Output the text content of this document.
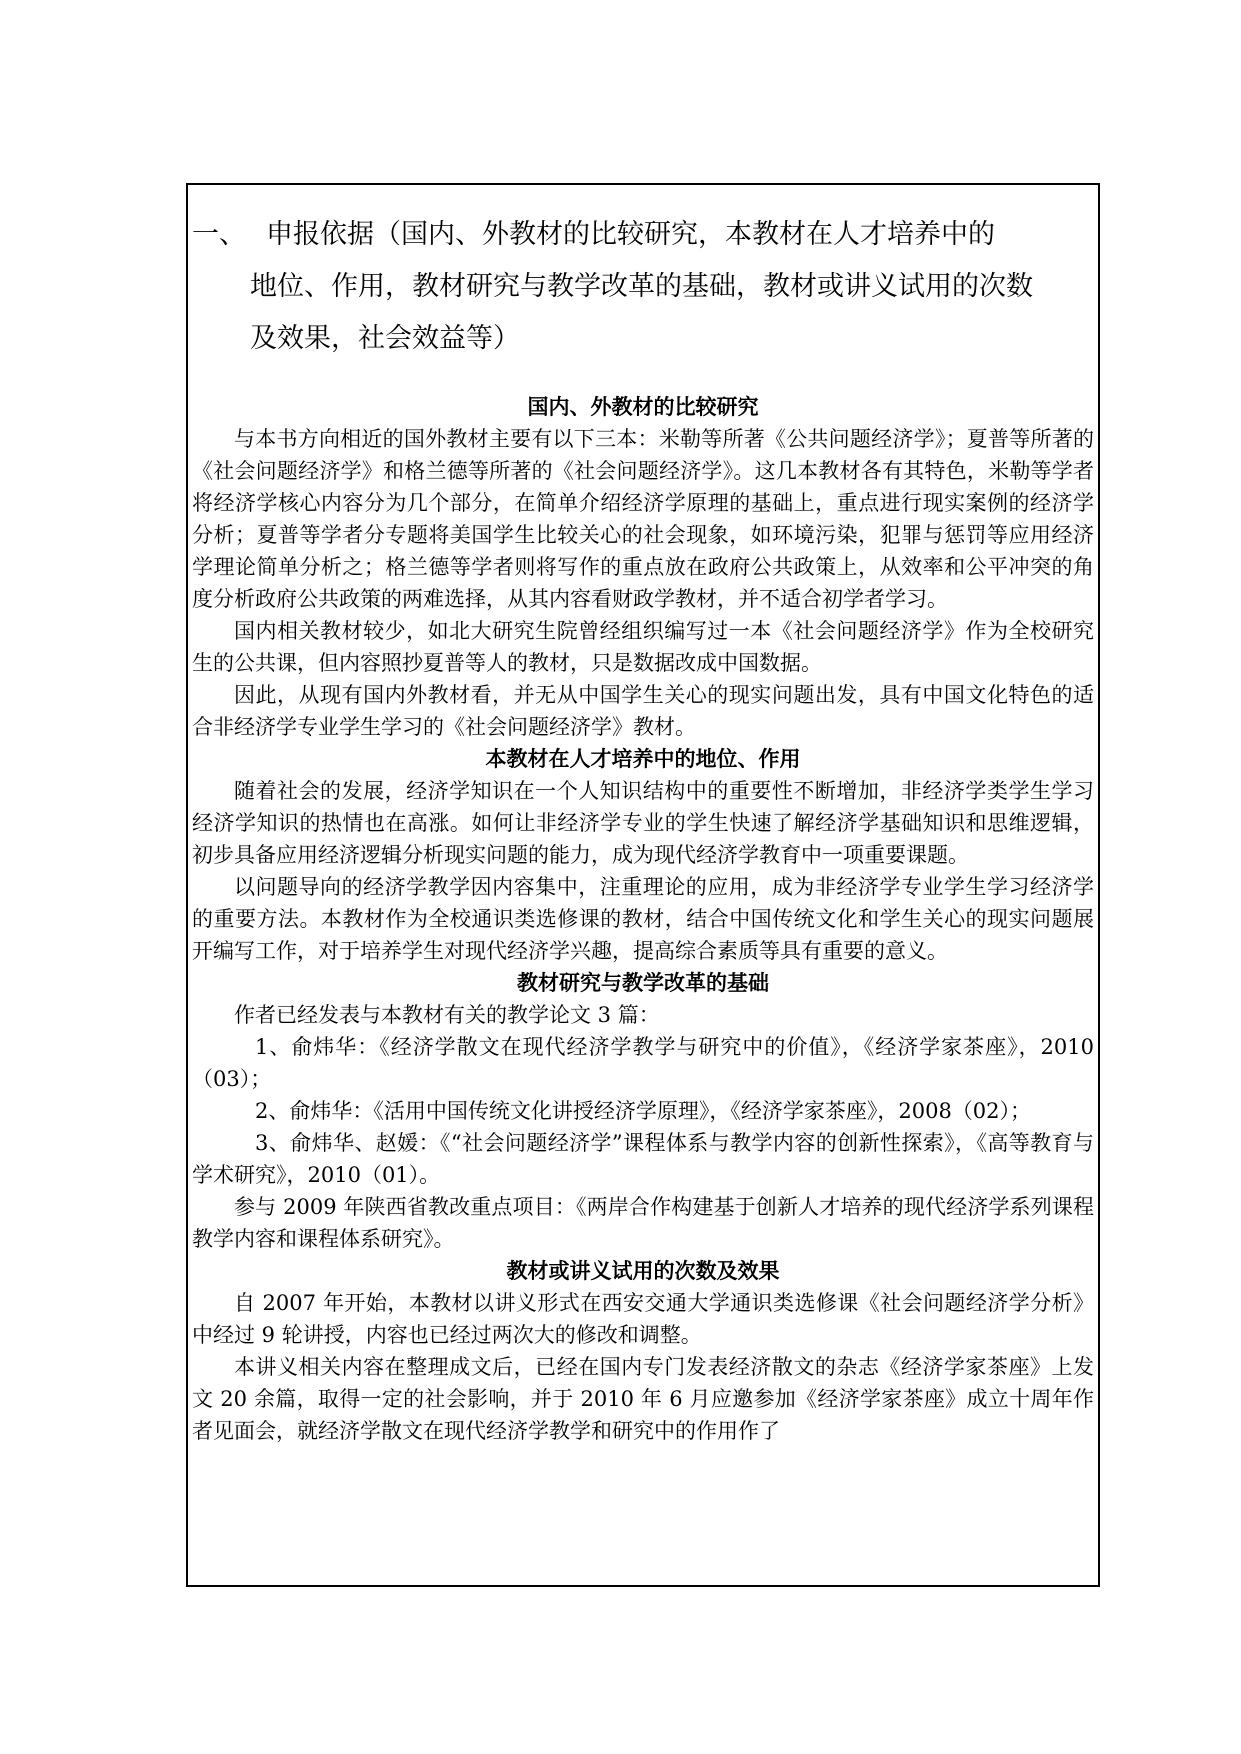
一、 申报依据（国内、外教材的比较研究，本教材在人才培养中的
地位、作用，教材研究与教学改革的基础，教材或讲义试用的次数
及效果，社会效益等）
国内、外教材的比较研究

与本书方向相近的国外教材主要有以下三本：米勒等所著《公共问题经济学》；夏普等所著的《社会问题经济学》和格兰德等所著的《社会问题经济学》。这几本教材各有其特色，米勒等学者将经济学核心内容分为几个部分，在简单介绍经济学原理的基础上，重点进行现实案例的经济学分析；夏普等学者分专题将美国学生比较关心的社会现象，如环境污染，犯罪与惩罚等应用经济学理论简单分析之；格兰德等学者则将写作的重点放在政府公共政策上，从效率和公平冲突的角度分析政府公共政策的两难选择，从其内容看财政学教材，并不适合初学者学习。

国内相关教材较少，如北大研究生院曾经组织编写过一本《社会问题经济学》作为全校研究生的公共课，但内容照抄夏普等人的教材，只是数据改成中国数据。

因此，从现有国内外教材看，并无从中国学生关心的现实问题出发，具有中国文化特色的适合非经济学专业学生学习的《社会问题经济学》教材。

本教材在人才培养中的地位、作用

随着社会的发展，经济学知识在一个人知识结构中的重要性不断增加，非经济学类学生学习经济学知识的热情也在高涨。如何让非经济学专业的学生快速了解经济学基础知识和思维逻辑，初步具备应用经济逻辑分析现实问题的能力，成为现代经济学教育中一项重要课题。

以问题导向的经济学教学因内容集中，注重理论的应用，成为非经济学专业学生学习经济学的重要方法。本教材作为全校通识类选修课的教材，结合中国传统文化和学生关心的现实问题展开编写工作，对于培养学生对现代经济学兴趣，提高综合素质等具有重要的意义。

教材研究与教学改革的基础

作者已经发表与本教材有关的教学论文 3 篇：

1、俞炜华：《经济学散文在现代经济学教学与研究中的价值》，《经济学家茶座》，2010（03）；

2、俞炜华：《活用中国传统文化讲授经济学原理》，《经济学家茶座》，2008（02）；

3、俞炜华、赵媛：《“社会问题经济学”课程体系与教学内容的创新性探索》，《高等教育与学术研究》，2010（01）。

参与 2009 年陕西省教改重点项目：《两岸合作构建基于创新人才培养的现代经济学系列课程教学内容和课程体系研究》。

教材或讲义试用的次数及效果

自 2007 年开始，本教材以讲义形式在西安交通大学通识类选修课《社会问题经济学分析》中经过 9 轮讲授，内容也已经过两次大的修改和调整。

本讲义相关内容在整理成文后，已经在国内专门发表经济散文的杂志《经济学家茶座》上发文 20 余篇，取得一定的社会影响，并于 2010 年 6 月应邀参加《经济学家茶座》成立十周年作者见面会，就经济学散文在现代经济学教学和研究中的作用作了
